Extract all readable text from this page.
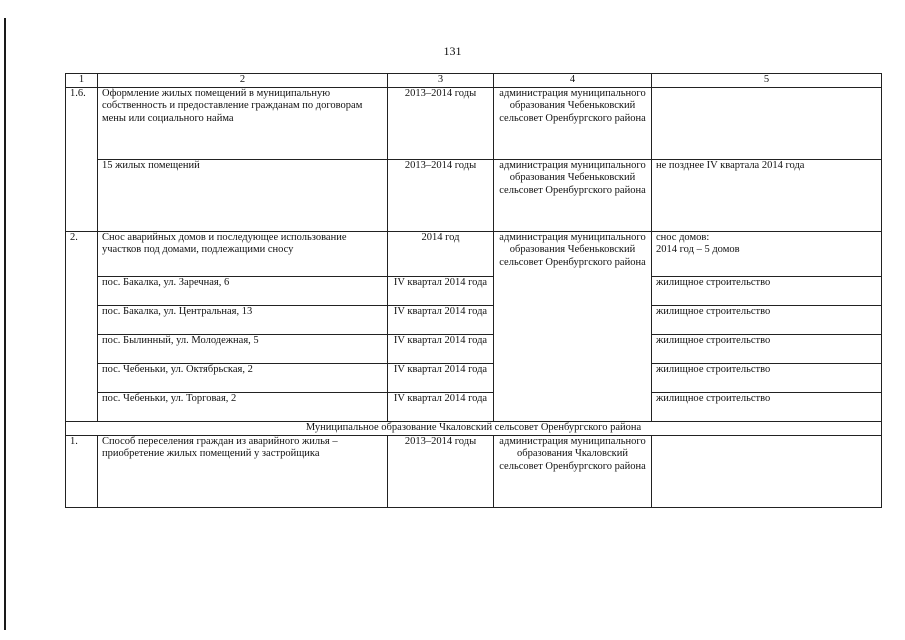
131
1	2	3	4	5
1.6.	Оформление жилых помещений в муниципальную собственность и предоставление гражданам по договорам мены или социального найма	2013–2014 годы	администрация муниципального образования Чебеньковский сельсовет Оренбургского района	
	15 жилых помещений	2013–2014 годы	администрация муниципального образования Чебеньковский сельсовет Оренбургского района	не позднее IV квартала 2014 года
2.	Снос аварийных домов и последующее использование участков под домами, подлежащими сносу	2014 год	администрация муниципального образования Чебеньковский сельсовет Оренбургского района	снос домов:
2014 год – 5 домов

	пос. Бакалка, ул. Заречная, 6	IV квартал 2014 года		жилищное строительство
	пос. Бакалка, ул. Центральная, 13	IV квартал 2014 года		жилищное строительство
	пос. Былинный, ул. Молодежная, 5	IV квартал 2014 года		жилищное строительство
	пос. Чебеньки, ул. Октябрьская, 2	IV квартал 2014 года		жилищное строительство
	пос. Чебеньки, ул. Торговая, 2	IV квартал 2014 года		жилищное строительство
Муниципальное образование Чкаловский сельсовет Оренбургского района				
1.	Способ переселения граждан из аварийного жилья – приобретение жилых помещений у застройщика	2013–2014 годы	администрация муниципального образования Чкаловский сельсовет Оренбургского района	
